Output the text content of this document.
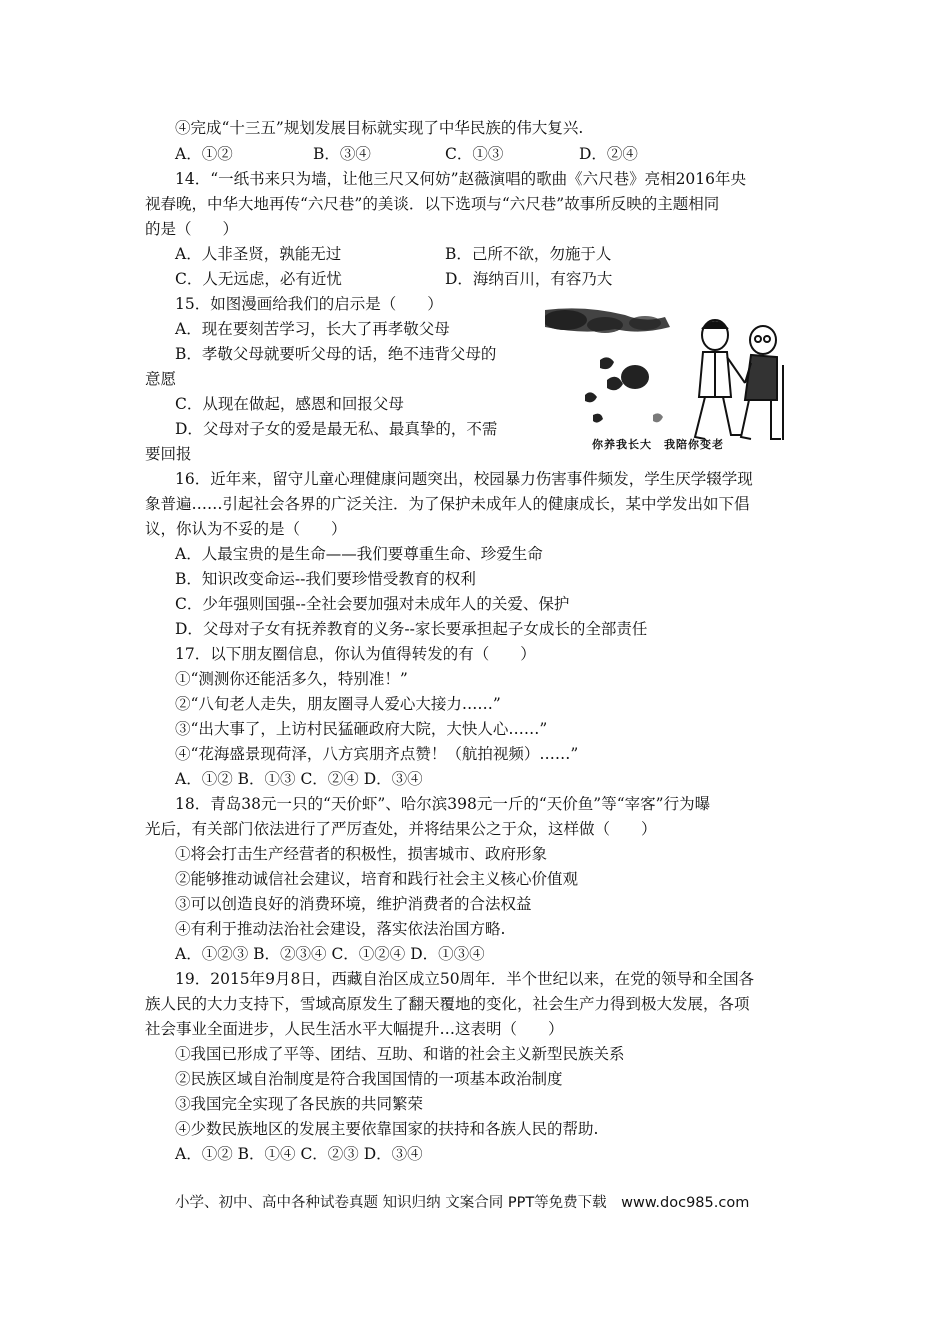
④完成“十三五”规划发展目标就实现了中华民族的伟大复兴.
A．①②	B．③④	C．①③	D．②④
14．“一纸书来只为墙，让他三尺又何妨”赵薇演唱的歌曲《六尺巷》亮相2016年央
视春晚，中华大地再传“六尺巷”的美谈．以下选项与“六尺巷”故事所反映的主题相同
的是（　　）
A．人非圣贤，孰能无过	B．己所不欲，勿施于人
C．人无远虑，必有近忧	D．海纳百川，有容乃大
15．如图漫画给我们的启示是（　　）
A．现在要刻苦学习，长大了再孝敬父母
B．孝敬父母就要听父母的话，绝不违背父母的
意愿
C．从现在做起，感恩和回报父母
D．父母对子女的爱是最无私、最真挚的，不需
要回报
你养我长大　我陪你变老
16．近年来，留守儿童心理健康问题突出，校园暴力伤害事件频发，学生厌学辍学现
象普遍……引起社会各界的广泛关注．为了保护未成年人的健康成长，某中学发出如下倡
议，你认为不妥的是（　　）
A．人最宝贵的是生命——我们要尊重生命、珍爱生命
B．知识改变命运--我们要珍惜受教育的权利
C．少年强则国强--全社会要加强对未成年人的关爱、保护
D．父母对子女有抚养教育的义务--家长要承担起子女成长的全部责任
17．以下朋友圈信息，你认为值得转发的有（　　）
①“测测你还能活多久，特别准！”
②“八旬老人走失，朋友圈寻人爱心大接力……”
③“出大事了，上访村民猛砸政府大院，大快人心……”
④“花海盛景现荷泽，八方宾朋齐点赞！（航拍视频）……”
A．①② B．①③ C．②④ D．③④
18．青岛38元一只的“天价虾”、哈尔滨398元一斤的“天价鱼”等“宰客”行为曝
光后，有关部门依法进行了严厉查处，并将结果公之于众，这样做（　　）
①将会打击生产经营者的积极性，损害城市、政府形象
②能够推动诚信社会建议，培育和践行社会主义核心价值观
③可以创造良好的消费环境，维护消费者的合法权益
④有利于推动法治社会建设，落实依法治国方略.
A．①②③ B．②③④ C．①②④ D．①③④
19．2015年9月8日，西藏自治区成立50周年．半个世纪以来，在党的领导和全国各
族人民的大力支持下，雪域高原发生了翻天覆地的变化，社会生产力得到极大发展，各项
社会事业全面进步，人民生活水平大幅提升…这表明（　　）
①我国已形成了平等、团结、互助、和谐的社会主义新型民族关系
②民族区域自治制度是符合我国国情的一项基本政治制度
③我国完全实现了各民族的共同繁荣
④少数民族地区的发展主要依靠国家的扶持和各族人民的帮助.
A．①② B．①④ C．②③ D．③④
小学、初中、高中各种试卷真题 知识归纳 文案合同 PPT等免费下载　www.doc985.com
